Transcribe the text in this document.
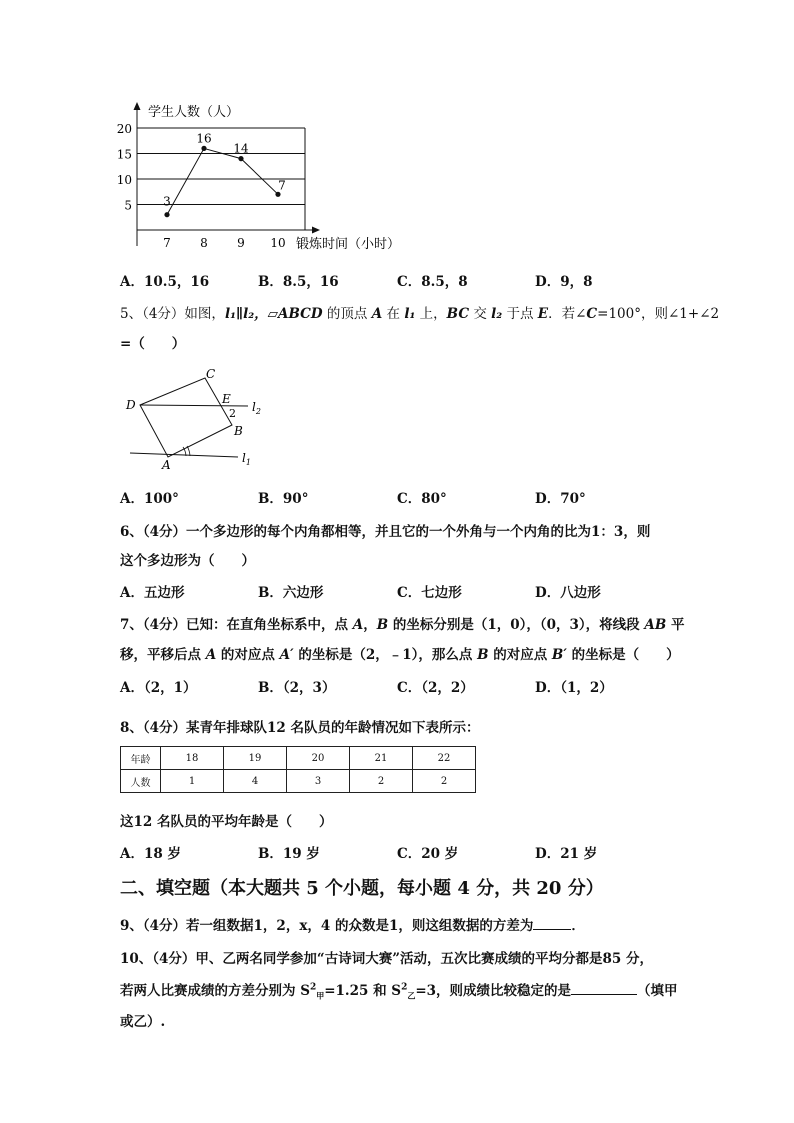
学生人数（人）
锻炼时间（小时）
5
10
15
20
7 8 9 10
3
16
14
7
A．10.5，16	B．8.5，16	C．8.5，8	D．9，8
5、（4分）如图，l₁∥l₂，▱ABCD 的顶点 A 在 l₁ 上，BC 交 l₂ 于点 E．若∠C=100°，则∠1+∠2
=（　　）
C
D	E
2
B
A
$l_2$
$l_1$
A．100°	B．90°	C．80°	D．70°
6、（4分）一个多边形的每个内角都相等，并且它的一个外角与一个内角的比为1：3，则
这个多边形为（　　）
A．五边形	B．六边形	C．七边形	D．八边形
7、（4分）已知：在直角坐标系中，点 A，B 的坐标分别是（1，0），（0，3），将线段 AB 平
移，平移后点 A 的对应点 A′ 的坐标是（2，﹣1），那么点 B 的对应点 B′ 的坐标是（　　）
A．（2，1）	B．（2，3）	C．（2，2）	D．（1，2）
8、（4分）某青年排球队12 名队员的年龄情况如下表所示：
年龄	18	19	20	21	22
人数	1	4	3	2	2
这12 名队员的平均年龄是（　　）
A．18 岁	B．19 岁	C．20 岁	D．21 岁
二、填空题（本大题共 5 个小题，每小题 4 分，共 20 分）
9、（4分）若一组数据1，2，x，4 的众数是1，则这组数据的方差为	．
10、（4分）甲、乙两名同学参加“古诗词大赛”活动，五次比赛成绩的平均分都是85 分，
若两人比赛成绩的方差分别为 $S^2_甲=1.25$ 和 $S^2_乙=3$，则成绩比较稳定的是	（填甲
或乙）.
